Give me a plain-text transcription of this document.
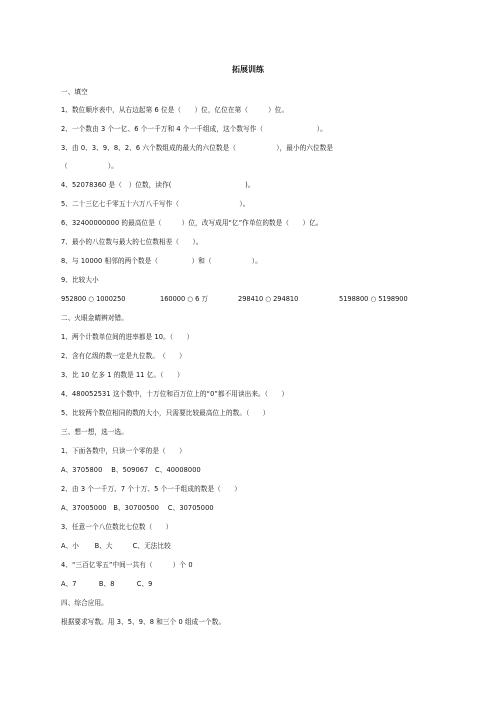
拓展训练
一、填空
1、数位顺序表中，从右边起第 6 位是（　　）位，亿位在第（　　　）位。
2、一个数由 3 个一亿、6 个一千万和 4 个一千组成，这个数写作（　　　　　　　　）。
3、由 0、3、9、8、2、6 六个数组成的最大的六位数是（　　　　　　），最小的六位数是
（　　　　　　）。
4、52078360 是（　）位数，读作(　　　　　　　　　　　)。
5、二十三亿七千零五十六万八千写作（　　　　　　　　　）。
6、32400000000 的最高位是（　　　）位，改写成用“亿”作单位的数是（　　）亿。
7、最小的八位数与最大的七位数相差（　　）。
8、与 10000 相邻的两个数是（　　　　　）和（　　　　　　）。
9、比较大小
952800 ○ 1000250	160000 ○ 6 万	298410 ○ 294810	5198800 ○ 5198900
二、火眼金睛辨对错。
1、两个计数单位间的进率都是 10。（　　）
2、含有亿级的数一定是九位数。　（　　）
3、比 10 亿多 1 的数是 11 亿。（　　）
4、480052531 这个数中，十万位和百万位上的“0”都不用读出来。（　　）
5、比较两个数位相同的数的大小，只需要比较最高位上的数。（　　）
三、想一想，选一选。
1、下面各数中，只读一个零的是（　　）
A、3705800　 B、509067　C、40008000
2、由 3 个一千万、7 个十万、5 个一千组成的数是（　　）
A、37005000　B、30700500　 C、30705000
3、任意一个八位数比七位数（　　）
A、小　　 B、大　　　C、无法比较
4、“三百亿零五”中间一共有（　　　）个 0
A、7　　　 B、8　　　 C、9
四、综合应用。
根据要求写数。用 3、5、9、8 和三个 0 组成一个数。
